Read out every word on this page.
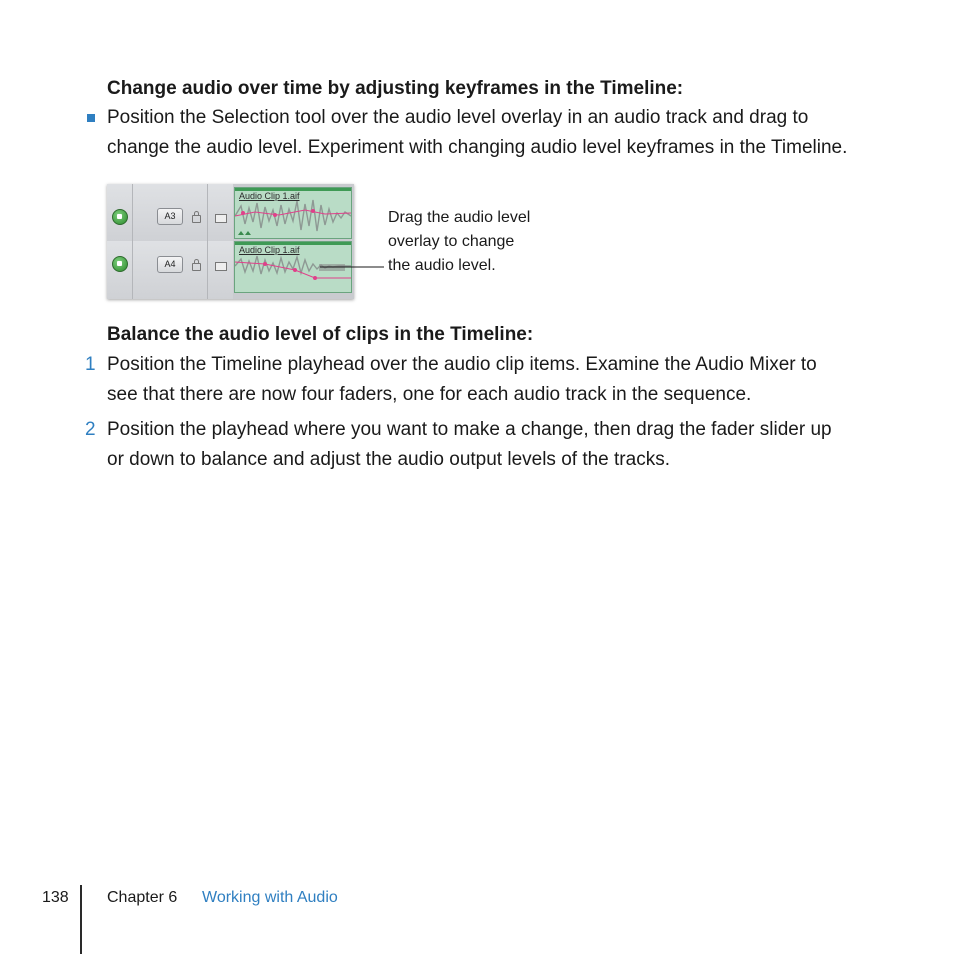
Change audio over time by adjusting keyframes in the Timeline:
Position the Selection tool over the audio level overlay in an audio track and drag to
change the audio level. Experiment with changing audio level keyframes in the Timeline.
A3
Audio Clip 1.aif
A4
Audio Clip 1.aif
Drag the audio level
overlay to change
the audio level.
Balance the audio level of clips in the Timeline:
1 Position the Timeline playhead over the audio clip items. Examine the Audio Mixer to
see that there are now four faders, one for each audio track in the sequence.
2 Position the playhead where you want to make a change, then drag the fader slider up
or down to balance and adjust the audio output levels of the tracks.
138 Chapter 6 Working with Audio
